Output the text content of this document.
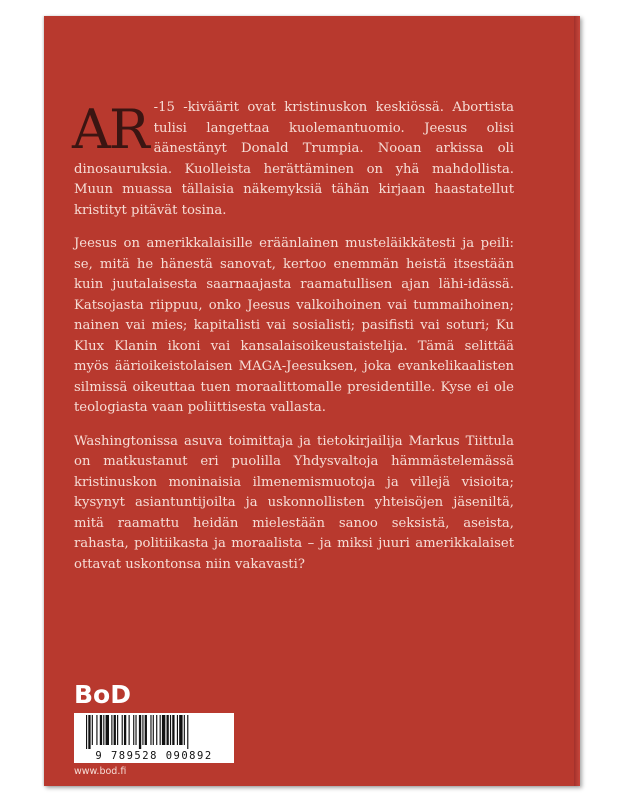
AR -15 -kiväärit ovat kristinuskon keskiössä. Abortista tulisi langettaa kuolemantuomio. Jeesus olisi äänestänyt Donald Trumpia. Nooan arkissa oli dinosauruksia. Kuolleista herättäminen on yhä mahdollista. Muun muassa tällaisia näkemyksiä tähän kirjaan haastatellut kristityt pitävät tosina.

Jeesus on amerikkalaisille eräänlainen musteläikkätesti ja peili: se, mitä he hänestä sanovat, kertoo enemmän heistä itsestään kuin juutalaisesta saarnaajasta raamatullisen ajan lähi-idässä. Katsojasta riippuu, onko Jeesus valkoihoinen vai tummaihoinen; nainen vai mies; kapitalisti vai sosialisti; pasifisti vai soturi; Ku Klux Klanin ikoni vai kansalaisoikeustaistelija. Tämä selittää myös äärioikeistolaisen MAGA-Jeesuksen, joka evankelikaalisten silmissä oikeuttaa tuen moraalittomalle presidentille. Kyse ei ole teologiasta vaan poliittisesta vallasta.

Washingtonissa asuva toimittaja ja tietokirjailija Markus Tiittula on matkustanut eri puolilla Yhdysvaltoja hämmästelemässä kristinuskon moninaisia ilmenemismuotoja ja villejä visioita; kysynyt asiantuntijoilta ja uskonnollisten yhteisöjen jäseniltä, mitä raamattu heidän mielestään sanoo seksistä, aseista, rahasta, politiikasta ja moraalista – ja miksi juuri amerikkalaiset ottavat uskontonsa niin vakavasti?

BoD
9 789528 090892
www.bod.fi
